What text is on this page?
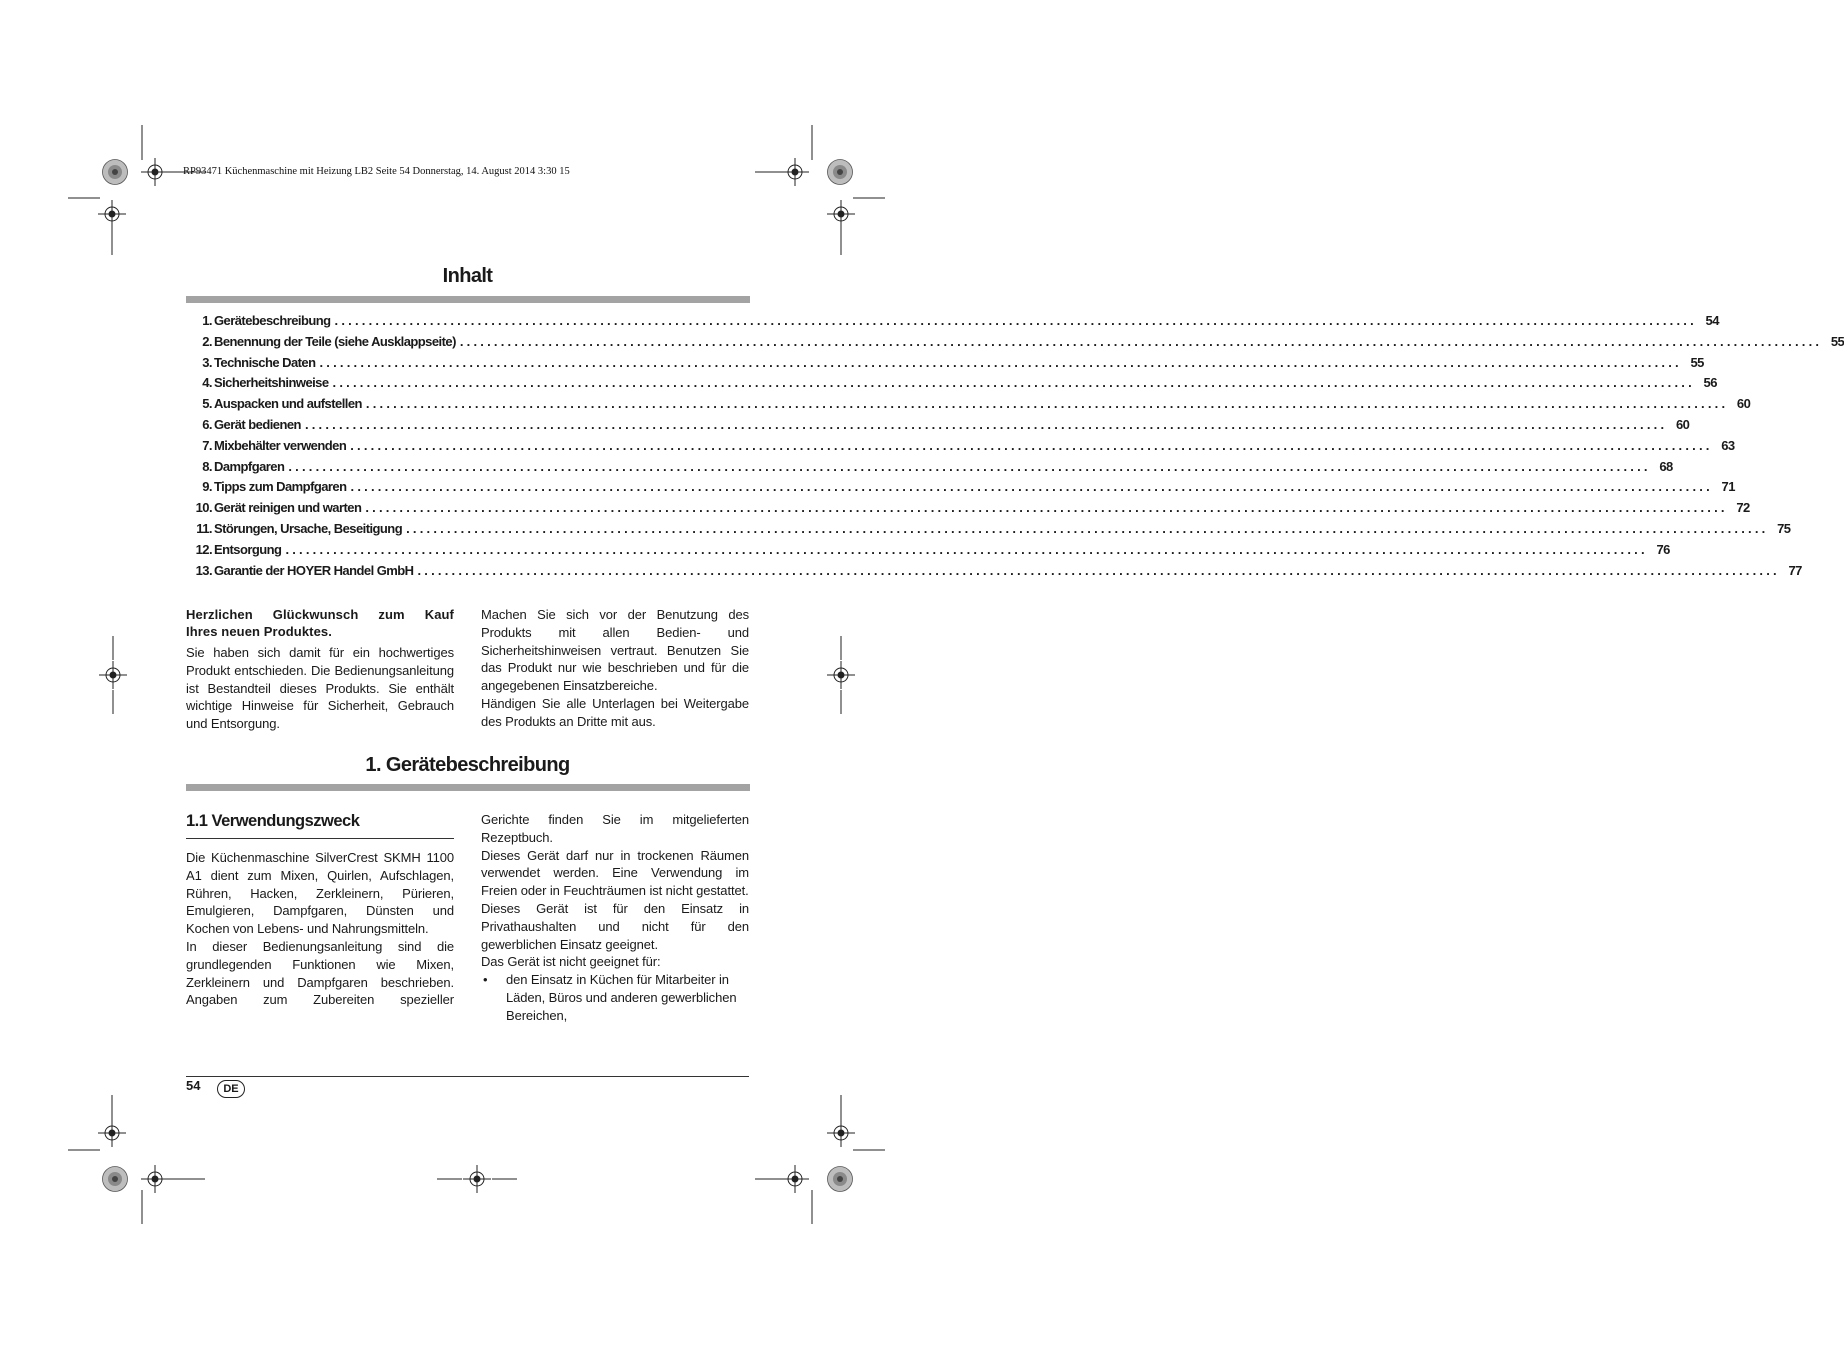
RP93471 Küchenmaschine mit Heizung LB2 Seite 54 Donnerstag, 14. August 2014 3:30 15
Inhalt
1. Gerätebeschreibung ........................................................................................................................................................................................................ 54
2. Benennung der Teile (siehe Ausklappseite) ........................................................................................................................................................................................................ 55
3. Technische Daten ........................................................................................................................................................................................................ 55
4. Sicherheitshinweise ........................................................................................................................................................................................................ 56
5. Auspacken und aufstellen ........................................................................................................................................................................................................ 60
6. Gerät bedienen ........................................................................................................................................................................................................ 60
7. Mixbehälter verwenden ........................................................................................................................................................................................................ 63
8. Dampfgaren ........................................................................................................................................................................................................ 68
9. Tipps zum Dampfgaren ........................................................................................................................................................................................................ 71
10. Gerät reinigen und warten ........................................................................................................................................................................................................ 72
11. Störungen, Ursache, Beseitigung ........................................................................................................................................................................................................ 75
12. Entsorgung ........................................................................................................................................................................................................ 76
13. Garantie der HOYER Handel GmbH ........................................................................................................................................................................................................ 77
Herzlichen Glückwunsch zum Kauf
Ihres neuen Produktes.

Sie haben sich damit für ein hochwertiges Produkt entschieden. Die Bedienungsanleitung ist Bestandteil dieses Produkts. Sie enthält wichtige Hinweise für Sicherheit, Gebrauch und Entsorgung.

Machen Sie sich vor der Benutzung des Produkts mit allen Bedien- und Sicherheitshinweisen vertraut. Benutzen Sie das Produkt nur wie beschrieben und für die angegebenen Einsatzbereiche.

Händigen Sie alle Unterlagen bei Weitergabe des Produkts an Dritte mit aus.

1. Gerätebeschreibung
1.1 Verwendungszweck

Die Küchenmaschine SilverCrest SKMH 1100 A1 dient zum Mixen, Quirlen, Aufschlagen, Rühren, Hacken, Zerkleinern, Pürieren, Emulgieren, Dampfgaren, Dünsten und Kochen von Lebens- und Nahrungsmitteln.

In dieser Bedienungsanleitung sind die grundlegenden Funktionen wie Mixen, Zerkleinern und Dampfgaren beschrieben. Angaben zum Zubereiten spezieller

Gerichte finden Sie im mitgelieferten Rezeptbuch.

Dieses Gerät darf nur in trockenen Räumen verwendet werden. Eine Verwendung im Freien oder in Feuchträumen ist nicht gestattet.

Dieses Gerät ist für den Einsatz in Privathaushalten und nicht für den gewerblichen Einsatz geeignet.

Das Gerät ist nicht geeignet für:

•	den Einsatz in Küchen für Mitarbeiter in Läden, Büros und anderen gewerblichen Bereichen,
54	DE
